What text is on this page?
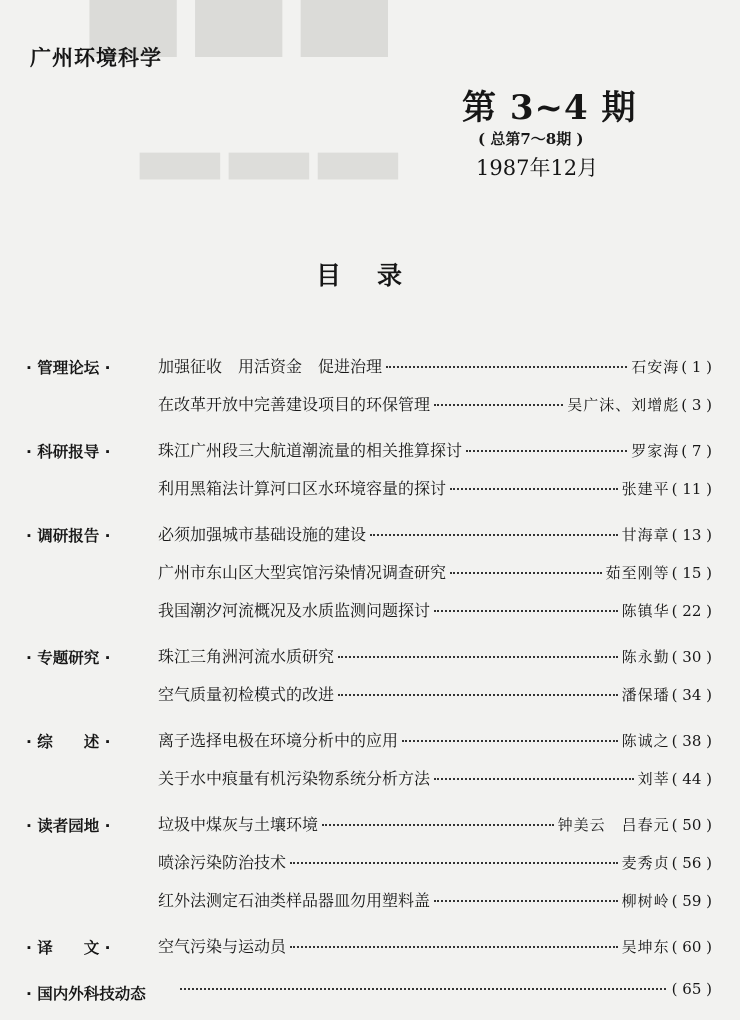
▇▇ ▇▇ ▇▇
▇▇▇▇ ▇▇▇▇ ▇▇▇▇
广州环境科学
第 3~4 期
( 总第7～8期 )
1987年12月
目录
· 管理论坛 ·	加强征收　用活资金　促进治理	石安海 ( 1 )
在改革开放中完善建设项目的环保管理	吴广沫、刘增彪 ( 3 )
· 科研报导 ·	珠江广州段三大航道潮流量的相关推算探讨	罗家海 ( 7 )
利用黑箱法计算河口区水环境容量的探讨	张建平 ( 11 )
· 调研报告 ·	必须加强城市基础设施的建设	甘海章 ( 13 )
广州市东山区大型宾馆污染情况调查研究	茹至刚等 ( 15 )
我国潮汐河流概况及水质监测问题探讨	陈镇华 ( 22 )
· 专题研究 ·	珠江三角洲河流水质研究	陈永勤 ( 30 )
空气质量初检模式的改进	潘保璠 ( 34 )
· 综　　述 ·	离子选择电极在环境分析中的应用	陈诚之 ( 38 )
关于水中痕量有机污染物系统分析方法	刘莘 ( 44 )
· 读者园地 ·	垃圾中煤灰与土壤环境	钟美云　吕春元 ( 50 )
喷涂污染防治技术	麦秀贞 ( 56 )
红外法测定石油类样品器皿勿用塑料盖	柳树岭 ( 59 )
· 译　　文 ·	空气污染与运动员	吴坤东 ( 60 )
· 国内外科技动态	( 65 )
